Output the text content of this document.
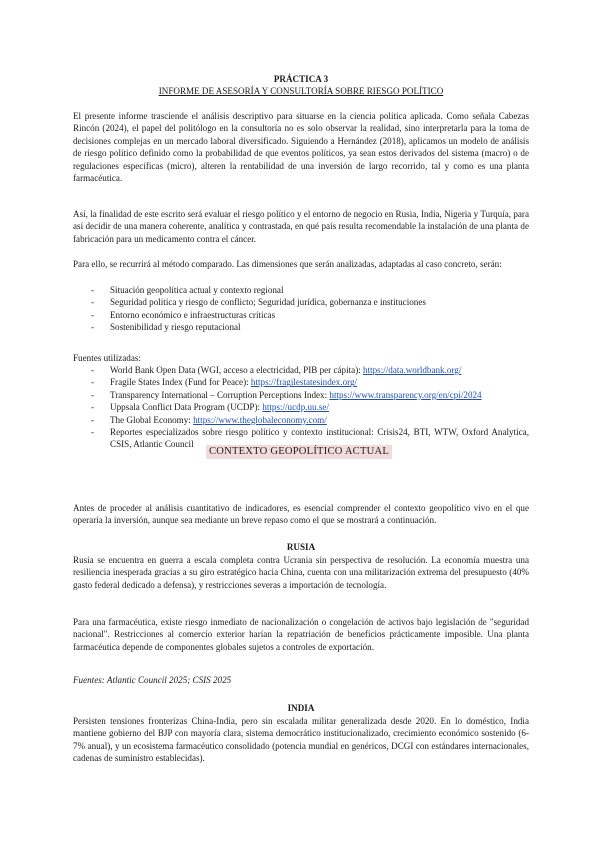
PRÁCTICA 3
INFORME DE ASESORÍA Y CONSULTORÍA SOBRE RIESGO POLÍTICO

El presente informe trasciende el análisis descriptivo para situarse en la ciencia política aplicada. Como señala Cabezas Rincón (2024), el papel del politólogo en la consultoría no es solo observar la realidad, sino interpretarla para la toma de decisiones complejas en un mercado laboral diversificado. Siguiendo a Hernández (2018), aplicamos un modelo de análisis de riesgo político definido como la probabilidad de que eventos políticos, ya sean estos derivados del sistema (macro) o de regulaciones específicas (micro), alteren la rentabilidad de una inversión de largo recorrido, tal y como es una planta farmacéutica.

Así, la finalidad de este escrito será evaluar el riesgo político y el entorno de negocio en Rusia, India, Nigeria y Turquía, para así decidir de una manera coherente, analítica y contrastada, en qué país resulta recomendable la instalación de una planta de fabricación para un medicamento contra el cáncer.

Para ello, se recurrirá al método comparado. Las dimensiones que serán analizadas, adaptadas al caso concreto, serán:

- Situación geopolítica actual y contexto regional
- Seguridad política y riesgo de conflicto; Seguridad jurídica, gobernanza e instituciones
- Entorno económico e infraestructuras críticas
- Sostenibilidad y riesgo reputacional
Fuentes utilizadas:
- World Bank Open Data (WGI, acceso a electricidad, PIB per cápita): https://data.worldbank.org/
- Fragile States Index (Fund for Peace): https://fragilestatesindex.org/
- Transparency International – Corruption Perceptions Index: https://www.transparency.org/en/cpi/2024
- Uppsala Conflict Data Program (UCDP): https://ucdp.uu.se/
- The Global Economy: https://www.theglobaleconomy.com/
- Reportes especializados sobre riesgo político y contexto institucional: Crisis24, BTI, WTW, Oxford Analytica, CSIS, Atlantic Council
CONTEXTO GEOPOLÍTICO ACTUAL

Antes de proceder al análisis cuantitativo de indicadores, es esencial comprender el contexto geopolítico vivo en el que operaría la inversión, aunque sea mediante un breve repaso como el que se mostrará a continuación.

RUSIA

Rusia se encuentra en guerra a escala completa contra Ucrania sin perspectiva de resolución. La economía muestra una resiliencia inesperada gracias a su giro estratégico hacia China, cuenta con una militarización extrema del presupuesto (40% gasto federal dedicado a defensa), y restricciones severas a importación de tecnología.

Para una farmacéutica, existe riesgo inmediato de nacionalización o congelación de activos bajo legislación de "seguridad nacional". Restricciones al comercio exterior harían la repatriación de beneficios prácticamente imposible. Una planta farmacéutica depende de componentes globales sujetos a controles de exportación.

Fuentes: Atlantic Council 2025; CSIS 2025

INDIA

Persisten tensiones fronterizas China-India, pero sin escalada militar generalizada desde 2020. En lo doméstico, India mantiene gobierno del BJP con mayoría clara, sistema democrático institucionalizado, crecimiento económico sostenido (6-7% anual), y un ecosistema farmacéutico consolidado (potencia mundial en genéricos, DCGI con estándares internacionales, cadenas de suministro establecidas).
